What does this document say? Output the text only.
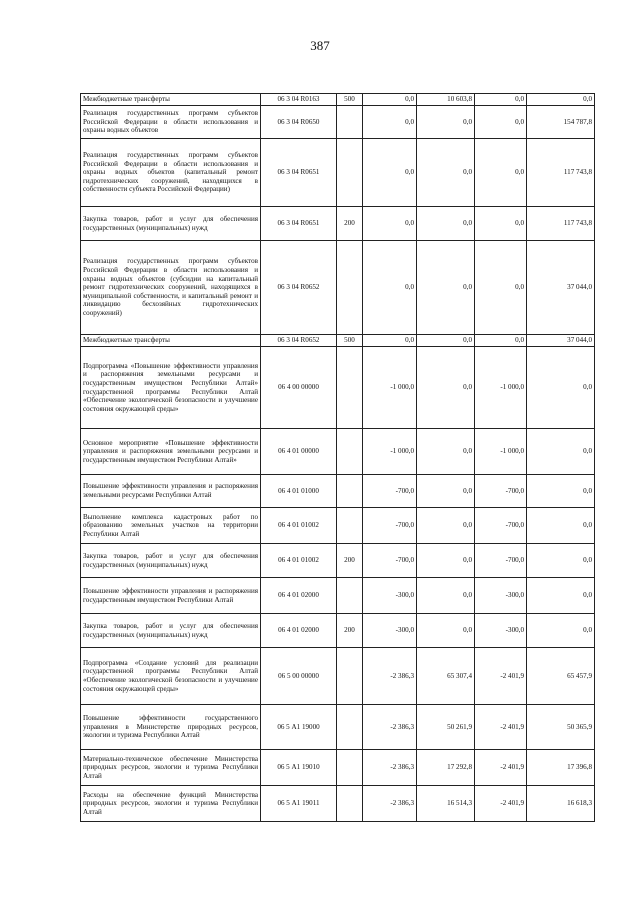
387
Межбюджетные трансферты	06 3 04 R0163	500	0,0	10 603,8	0,0	0,0
Реализация государственных программ субъектов Российской Федерации в области использования и охраны водных объектов	06 3 04 R0650		0,0	0,0	0,0	154 787,8
Реализация государственных программ субъектов Российской Федерации в области использования и охраны водных объектов (капитальный ремонт гидротехнических сооружений, находящихся в собственности субъекта Российской Федерации)	06 3 04 R0651		0,0	0,0	0,0	117 743,8
Закупка товаров, работ и услуг для обеспечения государственных (муниципальных) нужд	06 3 04 R0651	200	0,0	0,0	0,0	117 743,8
Реализация государственных программ субъектов Российской Федерации в области использования и охраны водных объектов (субсидии на капитальный ремонт гидротехнических сооружений, находящихся в муниципальной собственности, и капитальный ремонт и ликвидацию бесхозяйных гидротехнических сооружений)	06 3 04 R0652		0,0	0,0	0,0	37 044,0
Межбюджетные трансферты	06 3 04 R0652	500	0,0	0,0	0,0	37 044,0
Подпрограмма «Повышение эффективности управления и распоряжения земельными ресурсами и государственным имуществом Республики Алтай» государственной программы Республики Алтай «Обеспечение экологической безопасности и улучшение состояния окружающей среды»	06 4 00 00000		-1 000,0	0,0	-1 000,0	0,0
Основное мероприятие «Повышение эффективности управления и распоряжения земельными ресурсами и государственным имуществом Республики Алтай»	06 4 01 00000		-1 000,0	0,0	-1 000,0	0,0
Повышение эффективности управления и распоряжения земельными ресурсами Республики Алтай	06 4 01 01000		-700,0	0,0	-700,0	0,0
Выполнение комплекса кадастровых работ по образованию земельных участков на территории Республики Алтай	06 4 01 01002		-700,0	0,0	-700,0	0,0
Закупка товаров, работ и услуг для обеспечения государственных (муниципальных) нужд	06 4 01 01002	200	-700,0	0,0	-700,0	0,0
Повышение эффективности управления и распоряжения государственным имуществом Республики Алтай	06 4 01 02000		-300,0	0,0	-300,0	0,0
Закупка товаров, работ и услуг для обеспечения государственных (муниципальных) нужд	06 4 01 02000	200	-300,0	0,0	-300,0	0,0
Подпрограмма «Создание условий для реализации государственной программы Республики Алтай «Обеспечение экологической безопасности и улучшение состояния окружающей среды»	06 5 00 00000		-2 386,3	65 307,4	-2 401,9	65 457,9
Повышение эффективности государственного управления в Министерстве природных ресурсов, экологии и туризма Республики Алтай	06 5 А1 19000		-2 386,3	50 261,9	-2 401,9	50 365,9
Материально-техническое обеспечение Министерства природных ресурсов, экологии и туризма Республики Алтай	06 5 А1 19010		-2 386,3	17 292,8	-2 401,9	17 396,8
Расходы на обеспечение функций Министерства природных ресурсов, экологии и туризма Республики Алтай	06 5 А1 19011		-2 386,3	16 514,3	-2 401,9	16 618,3
